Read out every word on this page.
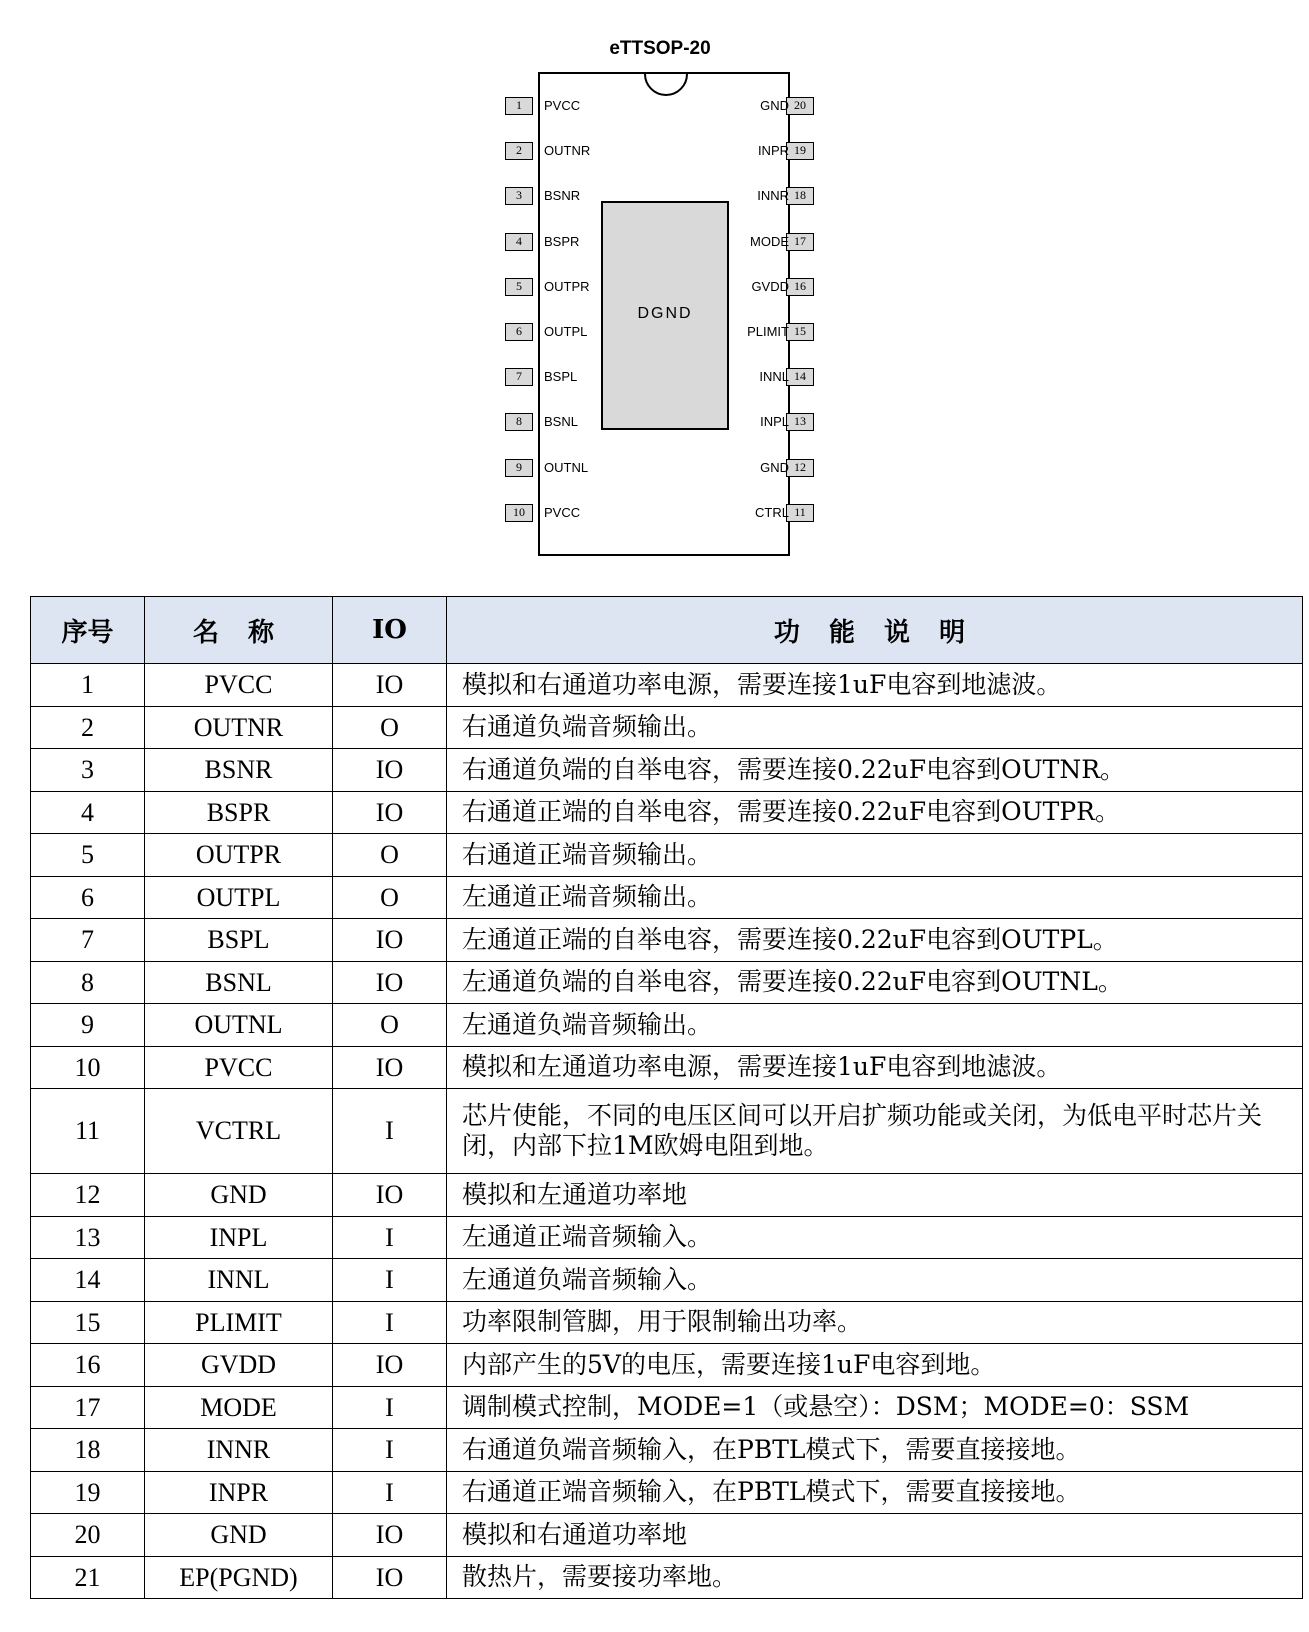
eTTSOP-20
DGND
1	PVCC
2	OUTNR
3	BSNR
4	BSPR
5	OUTPR
6	OUTPL
7	BSPL
8	BSNL
9	OUTNL
10	PVCC
20
GND
19
INPR
18
INNR
17
MODE
16
GVDD
15
PLIMIT
14
INNL
13
INPL
12
GND
11
CTRL
序号	名 称	IO	功 能 说 明
1	PVCC	IO	模拟和右通道功率电源，需要连接1uF电容到地滤波。
2	OUTNR	O	右通道负端音频输出。
3	BSNR	IO	右通道负端的自举电容，需要连接0.22uF电容到OUTNR。
4	BSPR	IO	右通道正端的自举电容，需要连接0.22uF电容到OUTPR。
5	OUTPR	O	右通道正端音频输出。
6	OUTPL	O	左通道正端音频输出。
7	BSPL	IO	左通道正端的自举电容，需要连接0.22uF电容到OUTPL。
8	BSNL	IO	左通道负端的自举电容，需要连接0.22uF电容到OUTNL。
9	OUTNL	O	左通道负端音频输出。
10	PVCC	IO	模拟和左通道功率电源，需要连接1uF电容到地滤波。
11	VCTRL	I	芯片使能，不同的电压区间可以开启扩频功能或关闭，为低电平时芯片关闭，内部下拉1M欧姆电阻到地。
12	GND	IO	模拟和左通道功率地
13	INPL	I	左通道正端音频输入。
14	INNL	I	左通道负端音频输入。
15	PLIMIT	I	功率限制管脚，用于限制输出功率。
16	GVDD	IO	内部产生的5V的电压，需要连接1uF电容到地。
17	MODE	I	调制模式控制，MODE=1（或悬空）：DSM；MODE=0：SSM
18	INNR	I	右通道负端音频输入，在PBTL模式下，需要直接接地。
19	INPR	I	右通道正端音频输入，在PBTL模式下，需要直接接地。
20	GND	IO	模拟和右通道功率地
21	EP(PGND)	IO	散热片，需要接功率地。
